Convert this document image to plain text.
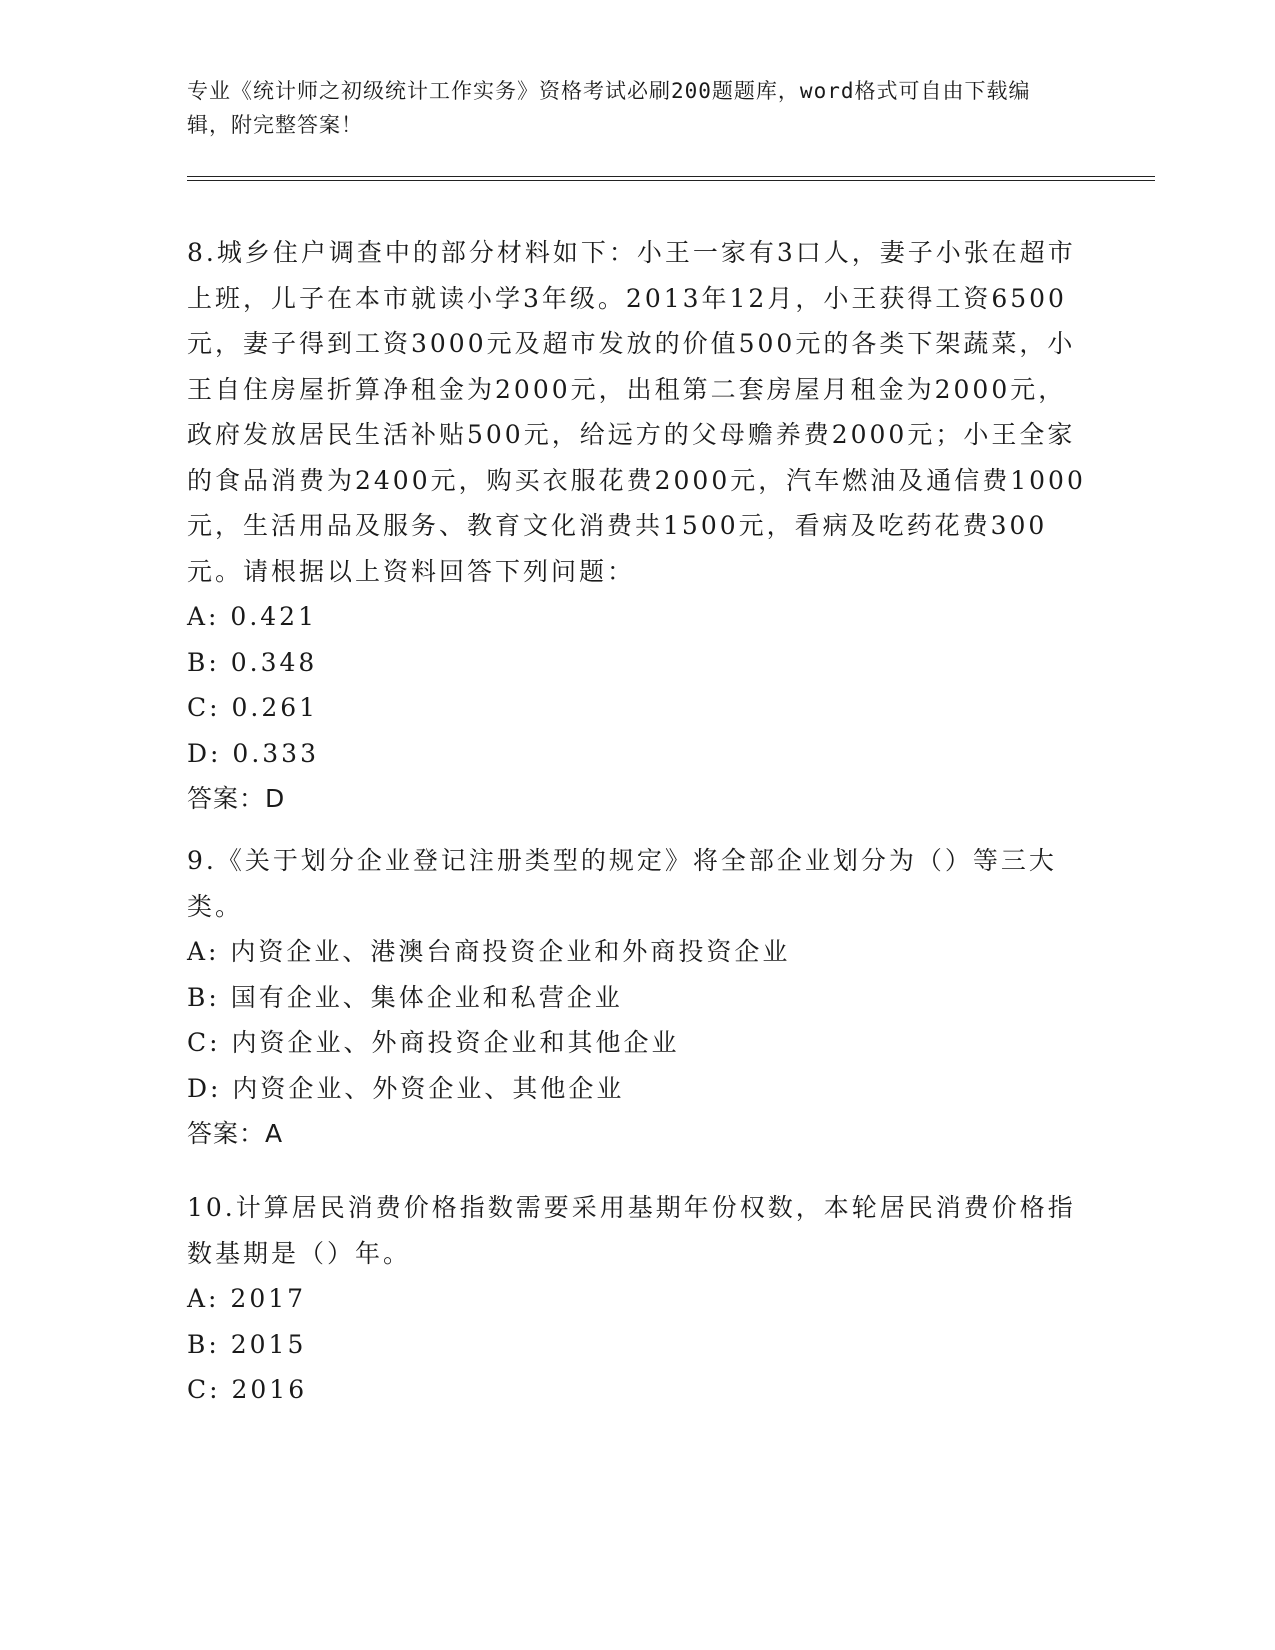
专业《统计师之初级统计工作实务》资格考试必刷200题题库，word格式可自由下载编辑，附完整答案！

8.城乡住户调查中的部分材料如下：小王一家有3口人，妻子小张在超市上班，儿子在本市就读小学3年级。2013年12月，小王获得工资6500元，妻子得到工资3000元及超市发放的价值500元的各类下架蔬菜，小王自住房屋折算净租金为2000元，出租第二套房屋月租金为2000元，政府发放居民生活补贴500元，给远方的父母赡养费2000元；小王全家的食品消费为2400元，购买衣服花费2000元，汽车燃油及通信费1000元，生活用品及服务、教育文化消费共1500元，看病及吃药花费300元。请根据以上资料回答下列问题：

A: 0.421

B: 0.348

C: 0.261

D: 0.333

答案：D

9.《关于划分企业登记注册类型的规定》将全部企业划分为（）等三大类。

A: 内资企业、港澳台商投资企业和外商投资企业

B: 国有企业、集体企业和私营企业

C: 内资企业、外商投资企业和其他企业

D: 内资企业、外资企业、其他企业

答案：A

10.计算居民消费价格指数需要采用基期年份权数，本轮居民消费价格指数基期是（）年。

A: 2017

B: 2015

C: 2016
